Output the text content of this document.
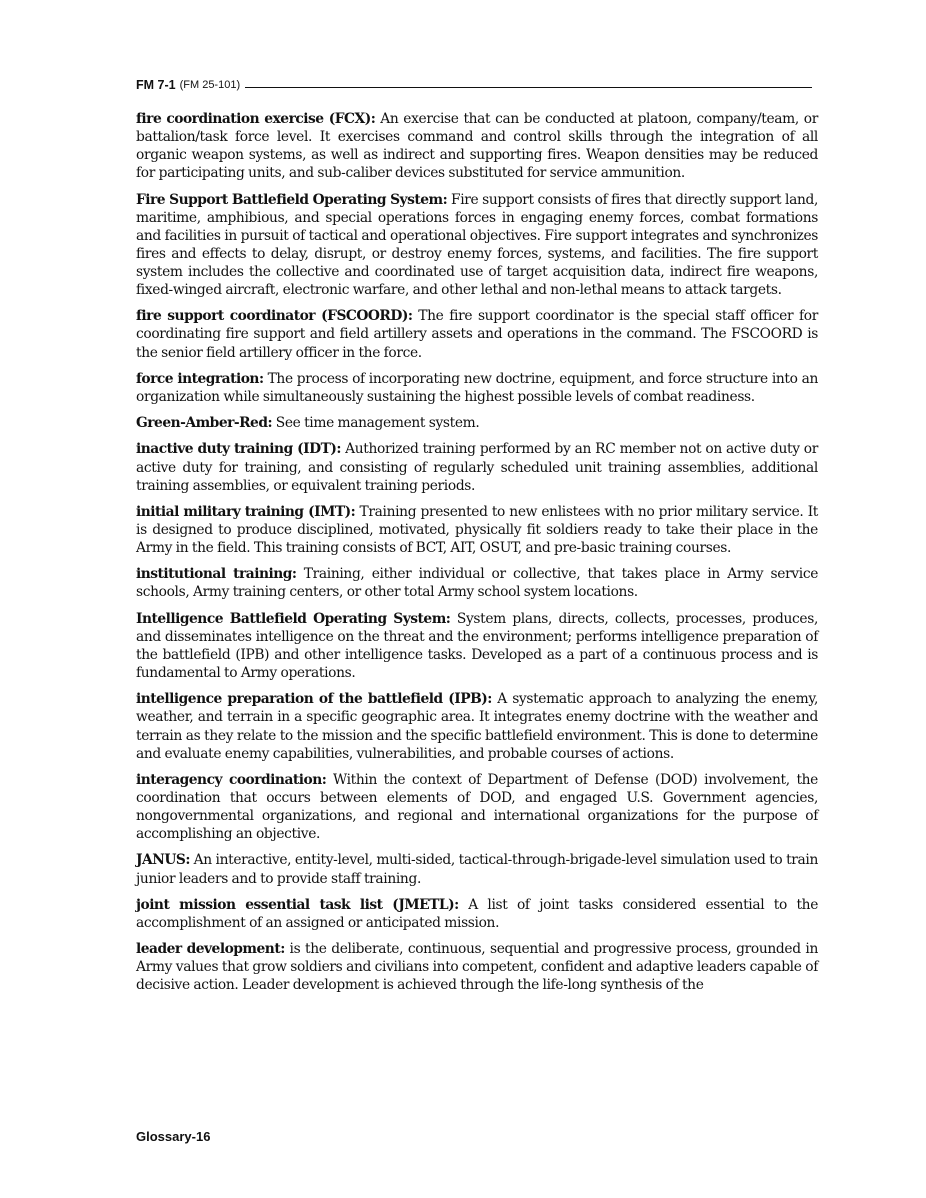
FM 7-1 (FM 25-101)

fire coordination exercise (FCX): An exercise that can be conducted at platoon, company/team, or battalion/task force level. It exercises command and control skills through the integration of all organic weapon systems, as well as indirect and supporting fires. Weapon densities may be reduced for participating units, and sub-caliber devices substituted for service ammunition.

Fire Support Battlefield Operating System: Fire support consists of fires that directly support land, maritime, amphibious, and special operations forces in engaging enemy forces, combat formations and facilities in pursuit of tactical and operational objectives. Fire support integrates and synchronizes fires and effects to delay, disrupt, or destroy enemy forces, systems, and facilities. The fire support system includes the collective and coordinated use of target acquisition data, indirect fire weapons, fixed-winged aircraft, electronic warfare, and other lethal and non-lethal means to attack targets.

fire support coordinator (FSCOORD): The fire support coordinator is the special staff officer for coordinating fire support and field artillery assets and operations in the command. The FSCOORD is the senior field artillery officer in the force.

force integration: The process of incorporating new doctrine, equipment, and force structure into an organization while simultaneously sustaining the highest possible levels of combat readiness.

Green-Amber-Red: See time management system.

inactive duty training (IDT): Authorized training performed by an RC member not on active duty or active duty for training, and consisting of regularly scheduled unit training assemblies, additional training assemblies, or equivalent training periods.

initial military training (IMT): Training presented to new enlistees with no prior military service. It is designed to produce disciplined, motivated, physically fit soldiers ready to take their place in the Army in the field. This training consists of BCT, AIT, OSUT, and pre-basic training courses.

institutional training: Training, either individual or collective, that takes place in Army service schools, Army training centers, or other total Army school system locations.

Intelligence Battlefield Operating System: System plans, directs, collects, processes, produces, and disseminates intelligence on the threat and the environment; performs intelligence preparation of the battlefield (IPB) and other intelligence tasks. Developed as a part of a continuous process and is fundamental to Army operations.

intelligence preparation of the battlefield (IPB): A systematic approach to analyzing the enemy, weather, and terrain in a specific geographic area. It integrates enemy doctrine with the weather and terrain as they relate to the mission and the specific battlefield environment. This is done to determine and evaluate enemy capabilities, vulnerabilities, and probable courses of actions.

interagency coordination: Within the context of Department of Defense (DOD) involvement, the coordination that occurs between elements of DOD, and engaged U.S. Government agencies, nongovernmental organizations, and regional and international organizations for the purpose of accomplishing an objective.

JANUS: An interactive, entity-level, multi-sided, tactical-through-brigade-level simulation used to train junior leaders and to provide staff training.

joint mission essential task list (JMETL): A list of joint tasks considered essential to the accomplishment of an assigned or anticipated mission.

leader development: is the deliberate, continuous, sequential and progressive process, grounded in Army values that grow soldiers and civilians into competent, confident and adaptive leaders capable of decisive action. Leader development is achieved through the life-long synthesis of the

Glossary-16
